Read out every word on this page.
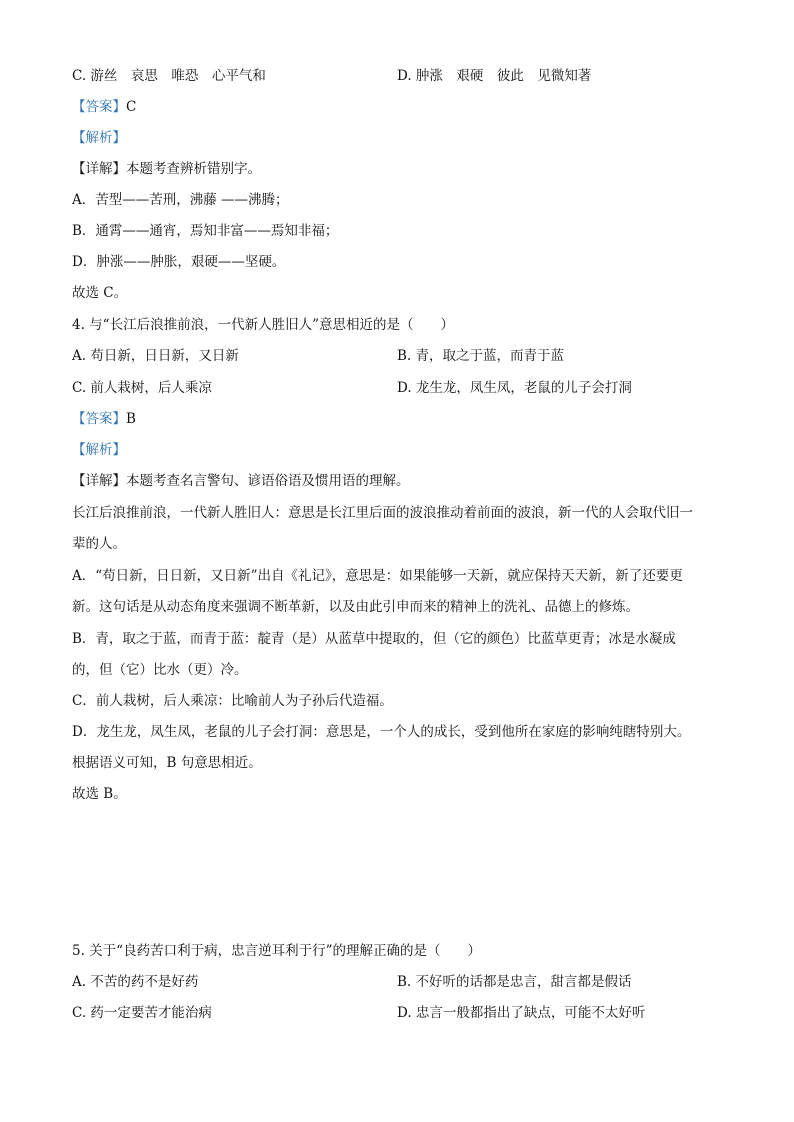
C. 游丝　哀思　唯恐　心平气和	D. 肿涨　艰硬　彼此　见微知著
【答案】C
【解析】
【详解】本题考查辨析错别字。
A．苦型——苦刑，沸藤 ——沸腾；
B．通霄——通宵，焉知非富——焉知非福；
D．肿涨——肿胀，艰硬——坚硬。
故选 C。
4. 与“长江后浪推前浪，一代新人胜旧人”意思相近的是（　　）
A. 苟日新，日日新，又日新	B. 青，取之于蓝，而青于蓝
C. 前人栽树，后人乘凉	D. 龙生龙，凤生凤，老鼠的儿子会打洞
【答案】B
【解析】
【详解】本题考查名言警句、谚语俗语及惯用语的理解。
长江后浪推前浪，一代新人胜旧人：意思是长江里后面的波浪推动着前面的波浪，新一代的人会取代旧一
辈的人。
A．“苟日新，日日新，又日新”出自《礼记》，意思是：如果能够一天新，就应保持天天新，新了还要更
新。这句话是从动态角度来强调不断革新，以及由此引申而来的精神上的洗礼、品德上的修炼。
B．青，取之于蓝，而青于蓝：靛青（是）从蓝草中提取的，但（它的颜色）比蓝草更青；冰是水凝成
的，但（它）比水（更）冷。
C．前人栽树，后人乘凉：比喻前人为子孙后代造福。
D．龙生龙，凤生凤，老鼠的儿子会打洞：意思是，一个人的成长，受到他所在家庭的影响纯瞎特别大。
根据语义可知，B 句意思相近。
故选 B。
5. 关于“良药苦口利于病，忠言逆耳利于行”的理解正确的是（　　）
A. 不苦的药不是好药	B. 不好听的话都是忠言，甜言都是假话
C. 药一定要苦才能治病	D. 忠言一般都指出了缺点，可能不太好听
